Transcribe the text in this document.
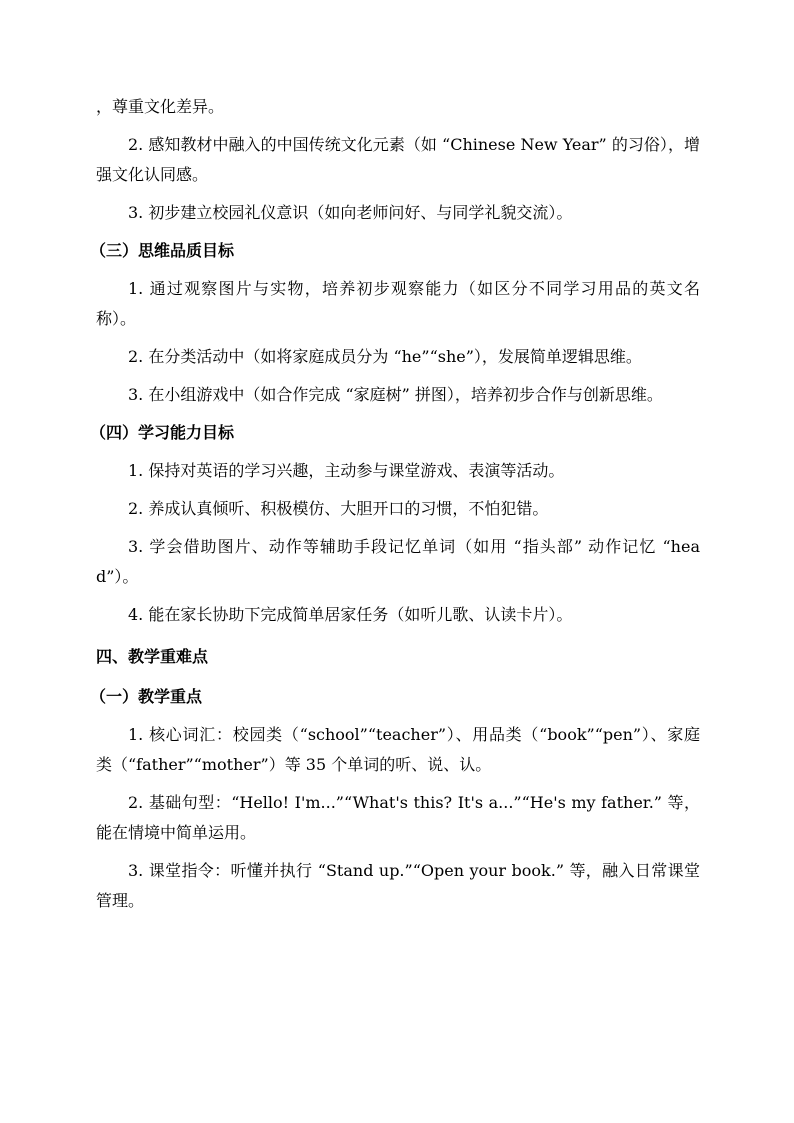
，尊重文化差异。

2. 感知教材中融入的中国传统文化元素（如 “Chinese New Year” 的习俗），增强文化认同感。

3. 初步建立校园礼仪意识（如向老师问好、与同学礼貌交流）。

（三）思维品质目标

1. 通过观察图片与实物，培养初步观察能力（如区分不同学习用品的英文名称）。

2. 在分类活动中（如将家庭成员分为 “he”“she”），发展简单逻辑思维。

3. 在小组游戏中（如合作完成 “家庭树” 拼图），培养初步合作与创新思维。

（四）学习能力目标

1. 保持对英语的学习兴趣，主动参与课堂游戏、表演等活动。

2. 养成认真倾听、积极模仿、大胆开口的习惯，不怕犯错。

3. 学会借助图片、动作等辅助手段记忆单词（如用 “指头部” 动作记忆 “head”）。

4. 能在家长协助下完成简单居家任务（如听儿歌、认读卡片）。

四、教学重难点
（一）教学重点

1. 核心词汇：校园类（“school”“teacher”）、用品类（“book”“pen”）、家庭类（“father”“mother”）等 35 个单词的听、说、认。

2. 基础句型：“Hello! I'm...”“What's this? It's a...”“He's my father.” 等，能在情境中简单运用。

3. 课堂指令：听懂并执行 “Stand up.”“Open your book.” 等，融入日常课堂管理。
